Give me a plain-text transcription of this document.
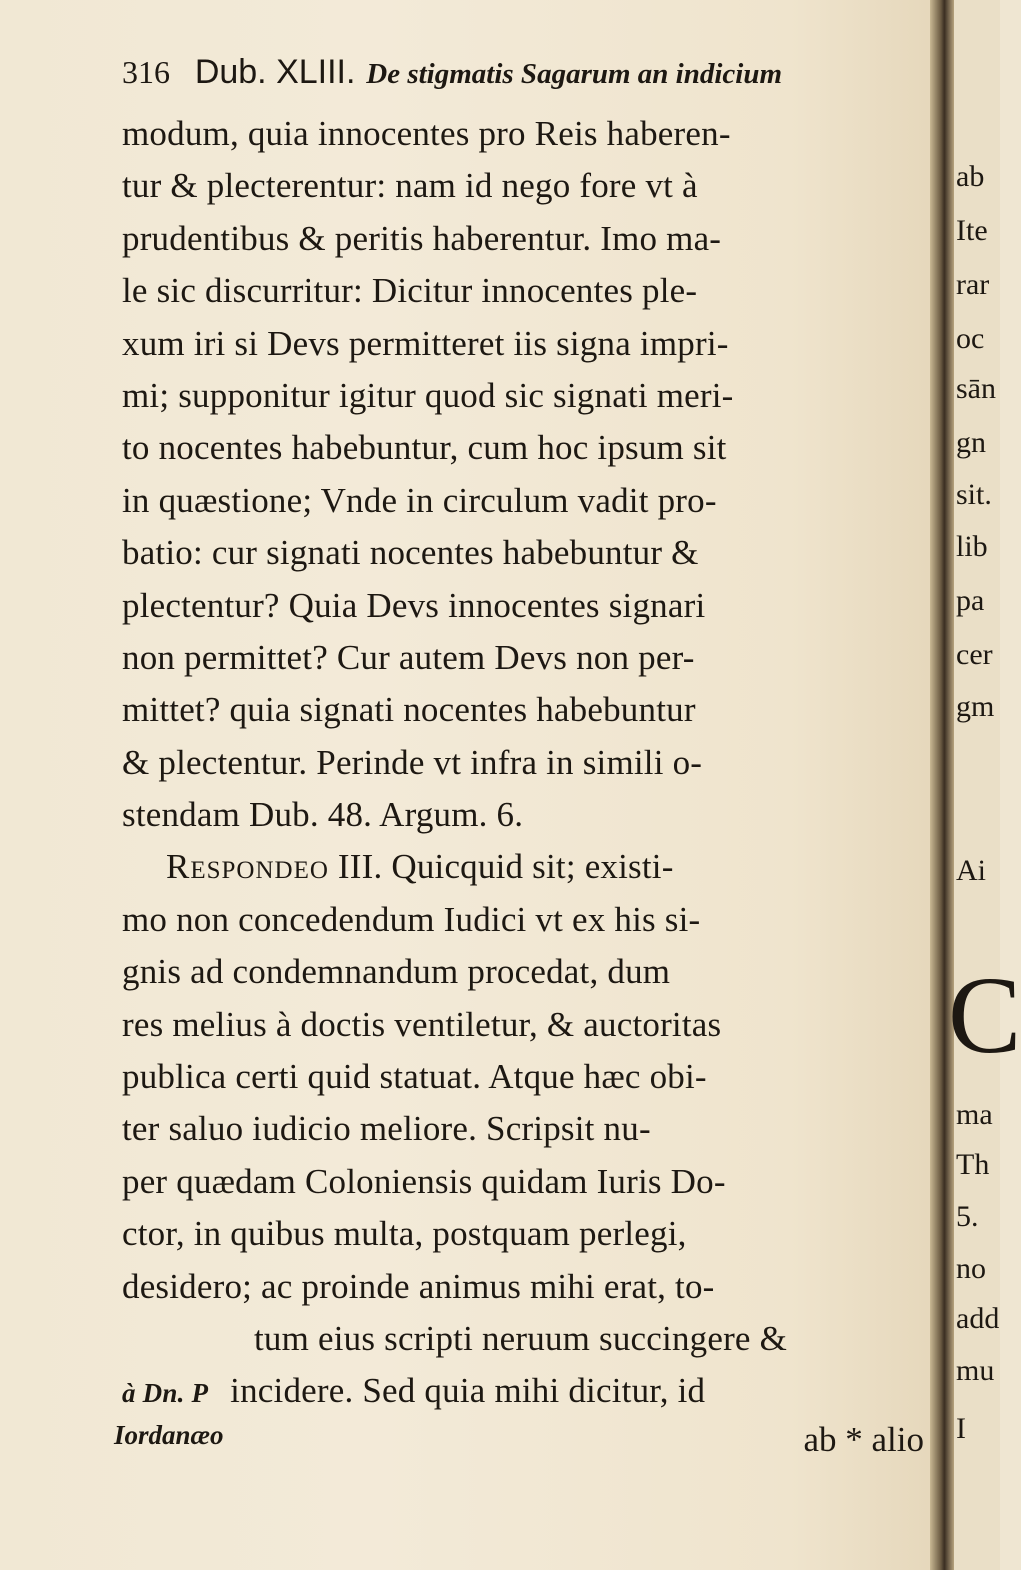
316 Dub. XLIII. De stigmatis Sagarum an indicium
modum, quia innocentes pro Reis haberen-
tur & plecterentur: nam id nego fore vt à
prudentibus & peritis haberentur. Imo ma-
le sic discurritur: Dicitur innocentes ple-
xum iri si Devs permitteret iis signa impri-
mi; supponitur igitur quod sic signati meri-
to nocentes habebuntur, cum hoc ipsum sit
in quæstione; Vnde in circulum vadit pro-
batio: cur signati nocentes habebuntur &
plectentur? Quia Devs innocentes signari
non permittet? Cur autem Devs non per-
mittet? quia signati nocentes habebuntur
& plectentur. Perinde vt infra in simili o-
stendam Dub. 48. Argum. 6.
Respondeo III. Quicquid sit; existi-
mo non concedendum Iudici vt ex his si-
gnis ad condemnandum procedat, dum
res melius à doctis ventiletur, & auctoritas
publica certi quid statuat. Atque hæc obi-
ter saluo iudicio meliore. Scripsit nu-
per quædam Coloniensis quidam Iuris Do-
ctor, in quibus multa, postquam perlegi,
desidero; ac proinde animus mihi erat, to-
tum eius scripti neruum succingere &
à Dn. P incidere. Sed quia mihi dicitur, id
Iordanæo	ab * alio
ab
Ite
rar
oc
sān
gn
sit.
lib
pa
cer
gm
Ai
C
ma
Th
5.
no
add
mu
I
